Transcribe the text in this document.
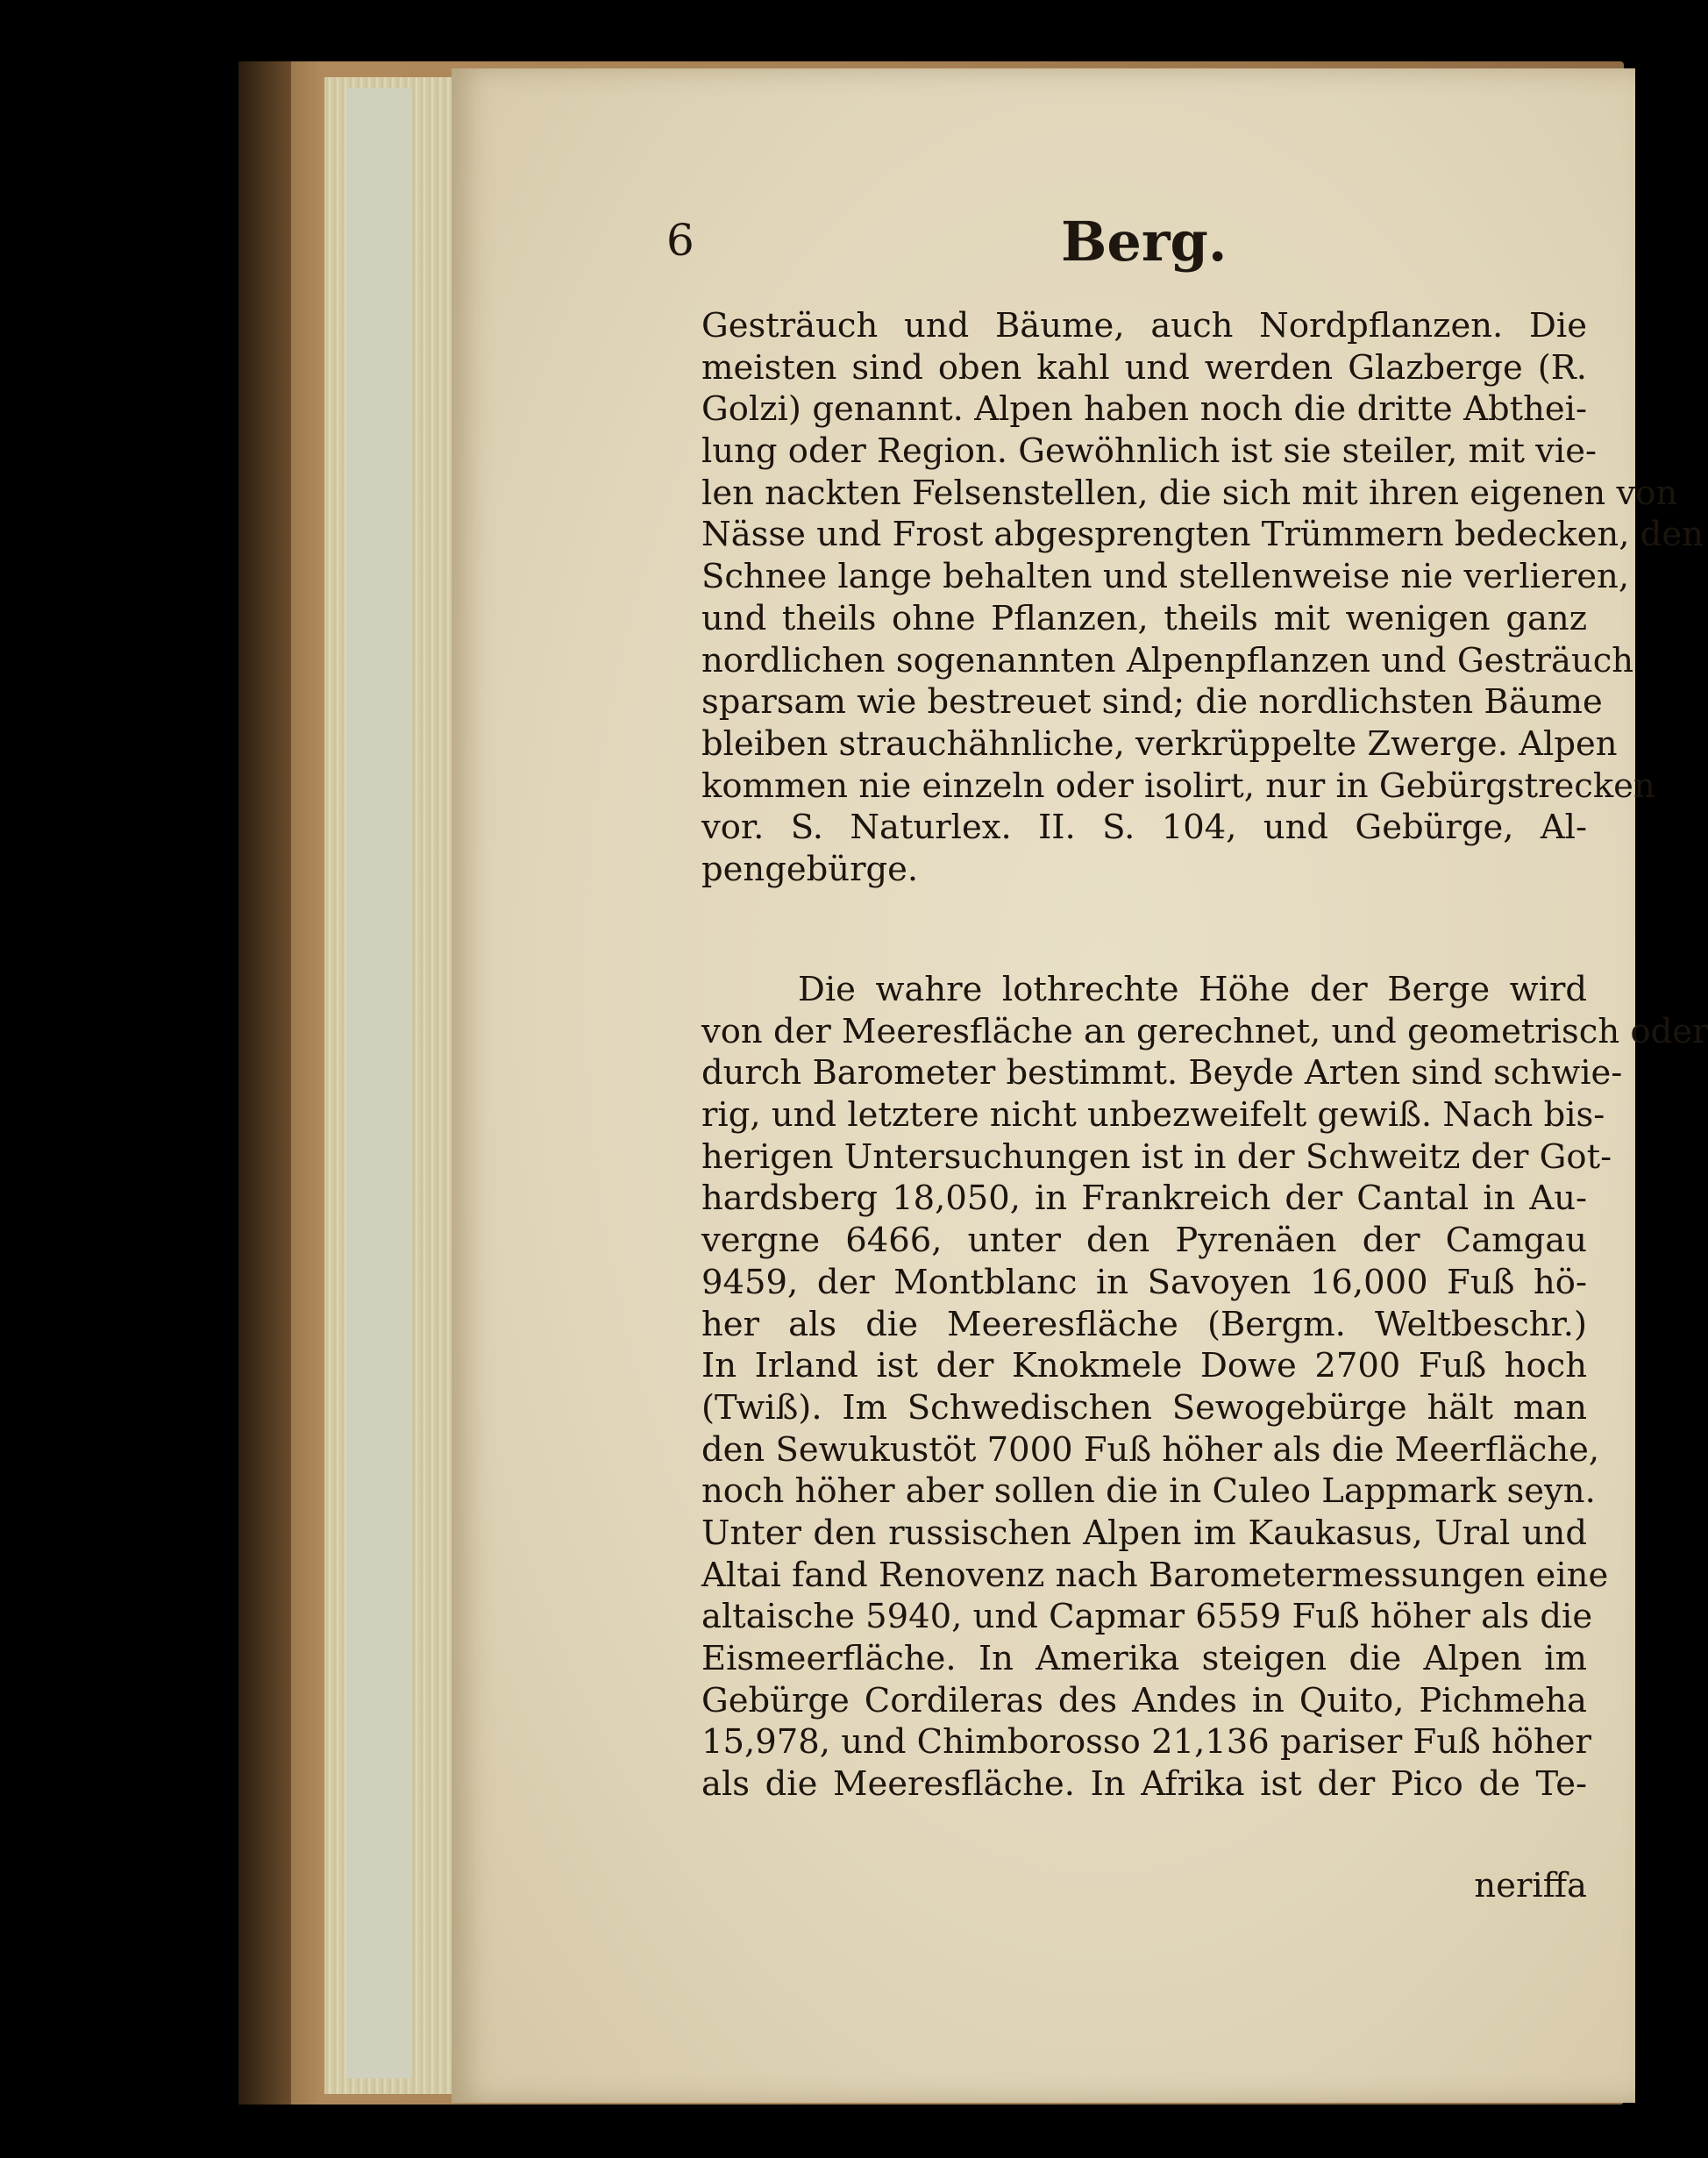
6	Berg.
Gesträuch und Bäume, auch Nordpflanzen. Die
meisten sind oben kahl und werden Glazberge (R.
Golzi) genannt. Alpen haben noch die dritte Abthei-
lung oder Region. Gewöhnlich ist sie steiler, mit vie-
len nackten Felsenstellen, die sich mit ihren eigenen von
Nässe und Frost abgesprengten Trümmern bedecken, den
Schnee lange behalten und stellenweise nie verlieren,
und theils ohne Pflanzen, theils mit wenigen ganz
nordlichen sogenannten Alpenpflanzen und Gesträuch
sparsam wie bestreuet sind; die nordlichsten Bäume
bleiben strauchähnliche, verkrüppelte Zwerge. Alpen
kommen nie einzeln oder isolirt, nur in Gebürgstrecken
vor. S. Naturlex. II. S. 104, und Gebürge, Al-
pengebürge.
Die wahre lothrechte Höhe der Berge wird
von der Meeresfläche an gerechnet, und geometrisch oder
durch Barometer bestimmt. Beyde Arten sind schwie-
rig, und letztere nicht unbezweifelt gewiß. Nach bis-
herigen Untersuchungen ist in der Schweitz der Got-
hardsberg 18,050, in Frankreich der Cantal in Au-
vergne 6466, unter den Pyrenäen der Camgau
9459, der Montblanc in Savoyen 16,000 Fuß hö-
her als die Meeresfläche (Bergm. Weltbeschr.)
In Irland ist der Knokmele Dowe 2700 Fuß hoch
(Twiß). Im Schwedischen Sewogebürge hält man
den Sewukustöt 7000 Fuß höher als die Meerfläche,
noch höher aber sollen die in Culeo Lappmark seyn.
Unter den russischen Alpen im Kaukasus, Ural und
Altai fand Renovenz nach Barometermessungen eine
altaische 5940, und Capmar 6559 Fuß höher als die
Eismeerfläche. In Amerika steigen die Alpen im
Gebürge Cordileras des Andes in Quito, Pichmeha
15,978, und Chimborosso 21,136 pariser Fuß höher
als die Meeresfläche. In Afrika ist der Pico de Te-
neriffa
